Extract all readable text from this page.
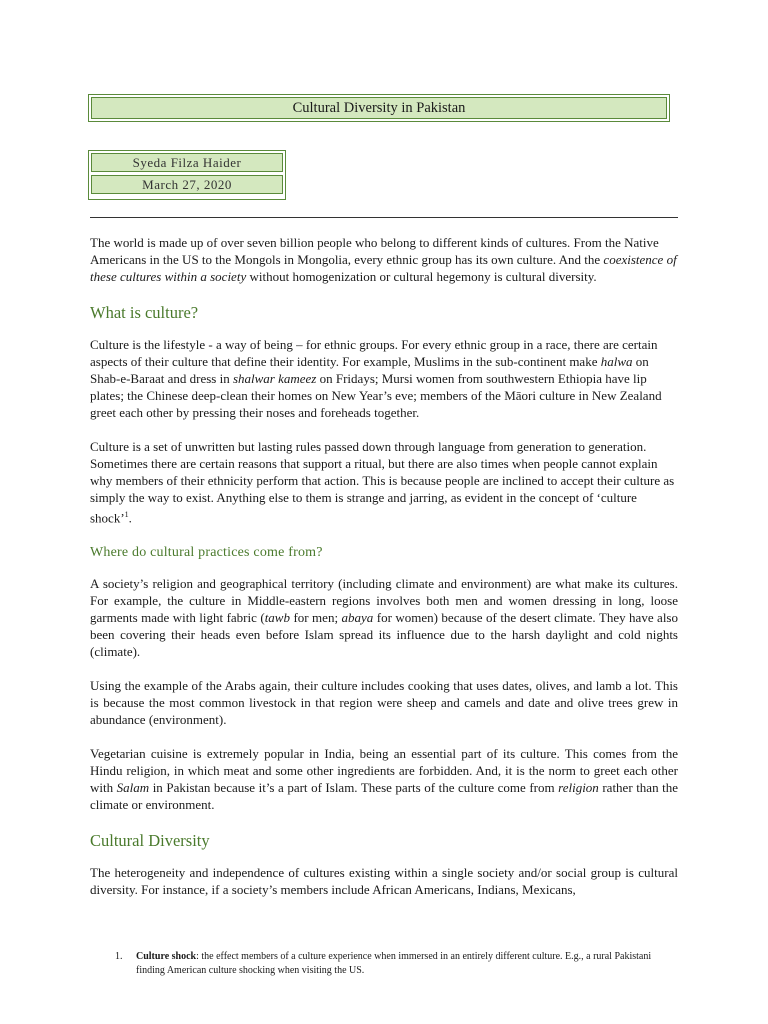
Cultural Diversity in Pakistan
Syeda Filza Haider
March 27, 2020

The world is made up of over seven billion people who belong to different kinds of cultures. From the Native Americans in the US to the Mongols in Mongolia, every ethnic group has its own culture. And the coexistence of these cultures within a society without homogenization or cultural hegemony is cultural diversity.

What is culture?

Culture is the lifestyle - a way of being – for ethnic groups. For every ethnic group in a race, there are certain aspects of their culture that define their identity. For example, Muslims in the sub-continent make halwa on Shab-e-Baraat and dress in shalwar kameez on Fridays; Mursi women from southwestern Ethiopia have lip plates; the Chinese deep-clean their homes on New Year’s eve; members of the Māori culture in New Zealand greet each other by pressing their noses and foreheads together.

Culture is a set of unwritten but lasting rules passed down through language from generation to generation. Sometimes there are certain reasons that support a ritual, but there are also times when people cannot explain why members of their ethnicity perform that action. This is because people are inclined to accept their culture as simply the way to exist. Anything else to them is strange and jarring, as evident in the concept of ‘culture shock’$^1$.

Where do cultural practices come from?

A society’s religion and geographical territory (including climate and environment) are what make its cultures. For example, the culture in Middle-eastern regions involves both men and women dressing in long, loose garments made with light fabric (tawb for men; abaya for women) because of the desert climate. They have also been covering their heads even before Islam spread its influence due to the harsh daylight and cold nights (climate).

Using the example of the Arabs again, their culture includes cooking that uses dates, olives, and lamb a lot. This is because the most common livestock in that region were sheep and camels and date and olive trees grew in abundance (environment).

Vegetarian cuisine is extremely popular in India, being an essential part of its culture. This comes from the Hindu religion, in which meat and some other ingredients are forbidden. And, it is the norm to greet each other with Salam in Pakistan because it’s a part of Islam. These parts of the culture come from religion rather than the climate or environment.

Cultural Diversity

The heterogeneity and independence of cultures existing within a single society and/or social group is cultural diversity. For instance, if a society’s members include African Americans, Indians, Mexicans,

1. Culture shock: the effect members of a culture experience when immersed in an entirely different culture. E.g., a rural Pakistani finding American culture shocking when visiting the US.
